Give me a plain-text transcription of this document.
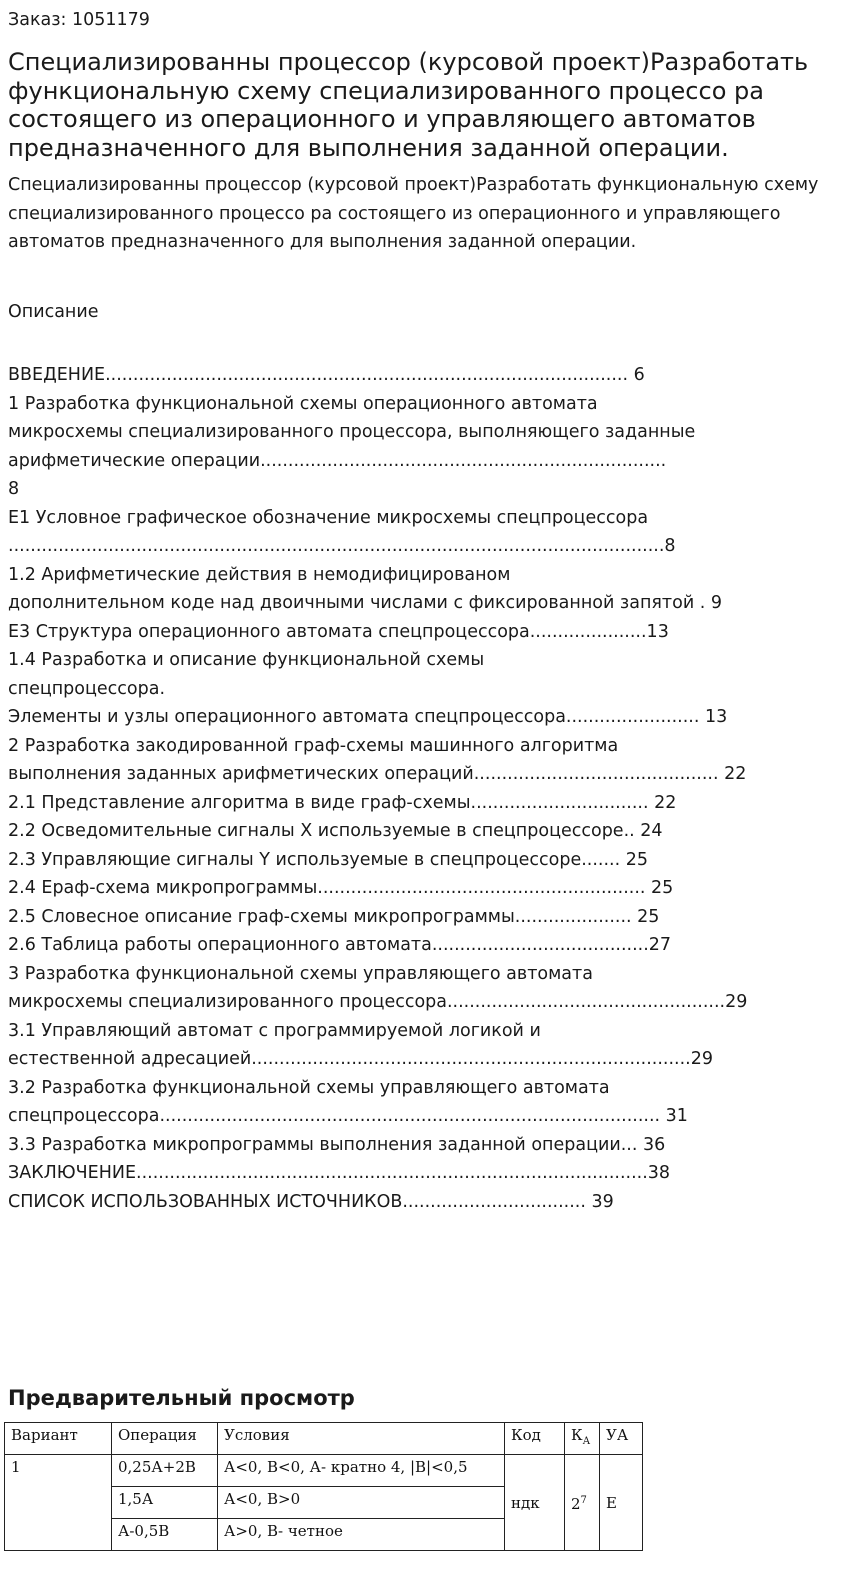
Заказ: 1051179
Специализированны процессор (курсовой проект)Разработать функциональную схему специализированного процессо ра состоящего из операционного и управляющего автоматов предназначенного для выполнения заданной операции.

Специализированны процессор (курсовой проект)Разработать функциональную схему специализированного процессо ра состоящего из операционного и управляющего автоматов предназначенного для выполнения заданной операции.

Описание
ВВЕДЕНИЕ.............................................................................................. 6
1 Разработка функциональной схемы операционного автомата
микросхемы специализированного процессора, выполняющего заданные
арифметические операции.........................................................................
8
Е1 Условное графическое обозначение микросхемы спецпроцессора
......................................................................................................................8
1.2 Арифметические действия в немодифицированом
дополнительном коде над двоичными числами с фиксированной запятой . 9
Е3 Структура операционного автомата спецпроцессора.....................13
1.4 Разработка и описание функциональной схемы
спецпроцессора.
Элементы и узлы операционного автомата спецпроцессора........................ 13
2 Разработка закодированной граф-схемы машинного алгоритма
выполнения заданных арифметических операций............................................ 22
2.1 Представление алгоритма в виде граф-схемы................................ 22
2.2 Осведомительные сигналы Х используемые в спецпроцессоре.. 24
2.3 Управляющие сигналы Y используемые в спецпроцессоре....... 25
2.4 Ераф-схема микропрограммы........................................................... 25
2.5 Словесное описание граф-схемы микропрограммы..................... 25
2.6 Таблица работы операционного автомата.......................................27
3 Разработка функциональной схемы управляющего автомата
микросхемы специализированного процессора..................................................29
3.1 Управляющий автомат с программируемой логикой и
естественной адресацией...............................................................................29
3.2 Разработка функциональной схемы управляющего автомата
спецпроцессора.......................................................................................... 31
3.3 Разработка микропрограммы выполнения заданной операции... 36
ЗАКЛЮЧЕНИЕ............................................................................................38
СПИСОК ИСПОЛЬЗОВАННЫХ ИСТОЧНИКОВ................................. 39
Предварительный просмотр
Вариант	Операция	Условия	Код	$К_А$	УА
1	0,25А+2В	А<0, В<0, А- кратно 4, |В|<0,5	ндк	$2^7$	Е
	1,5А	А<0, В>0			
	А-0,5В	А>0, В- четное			
